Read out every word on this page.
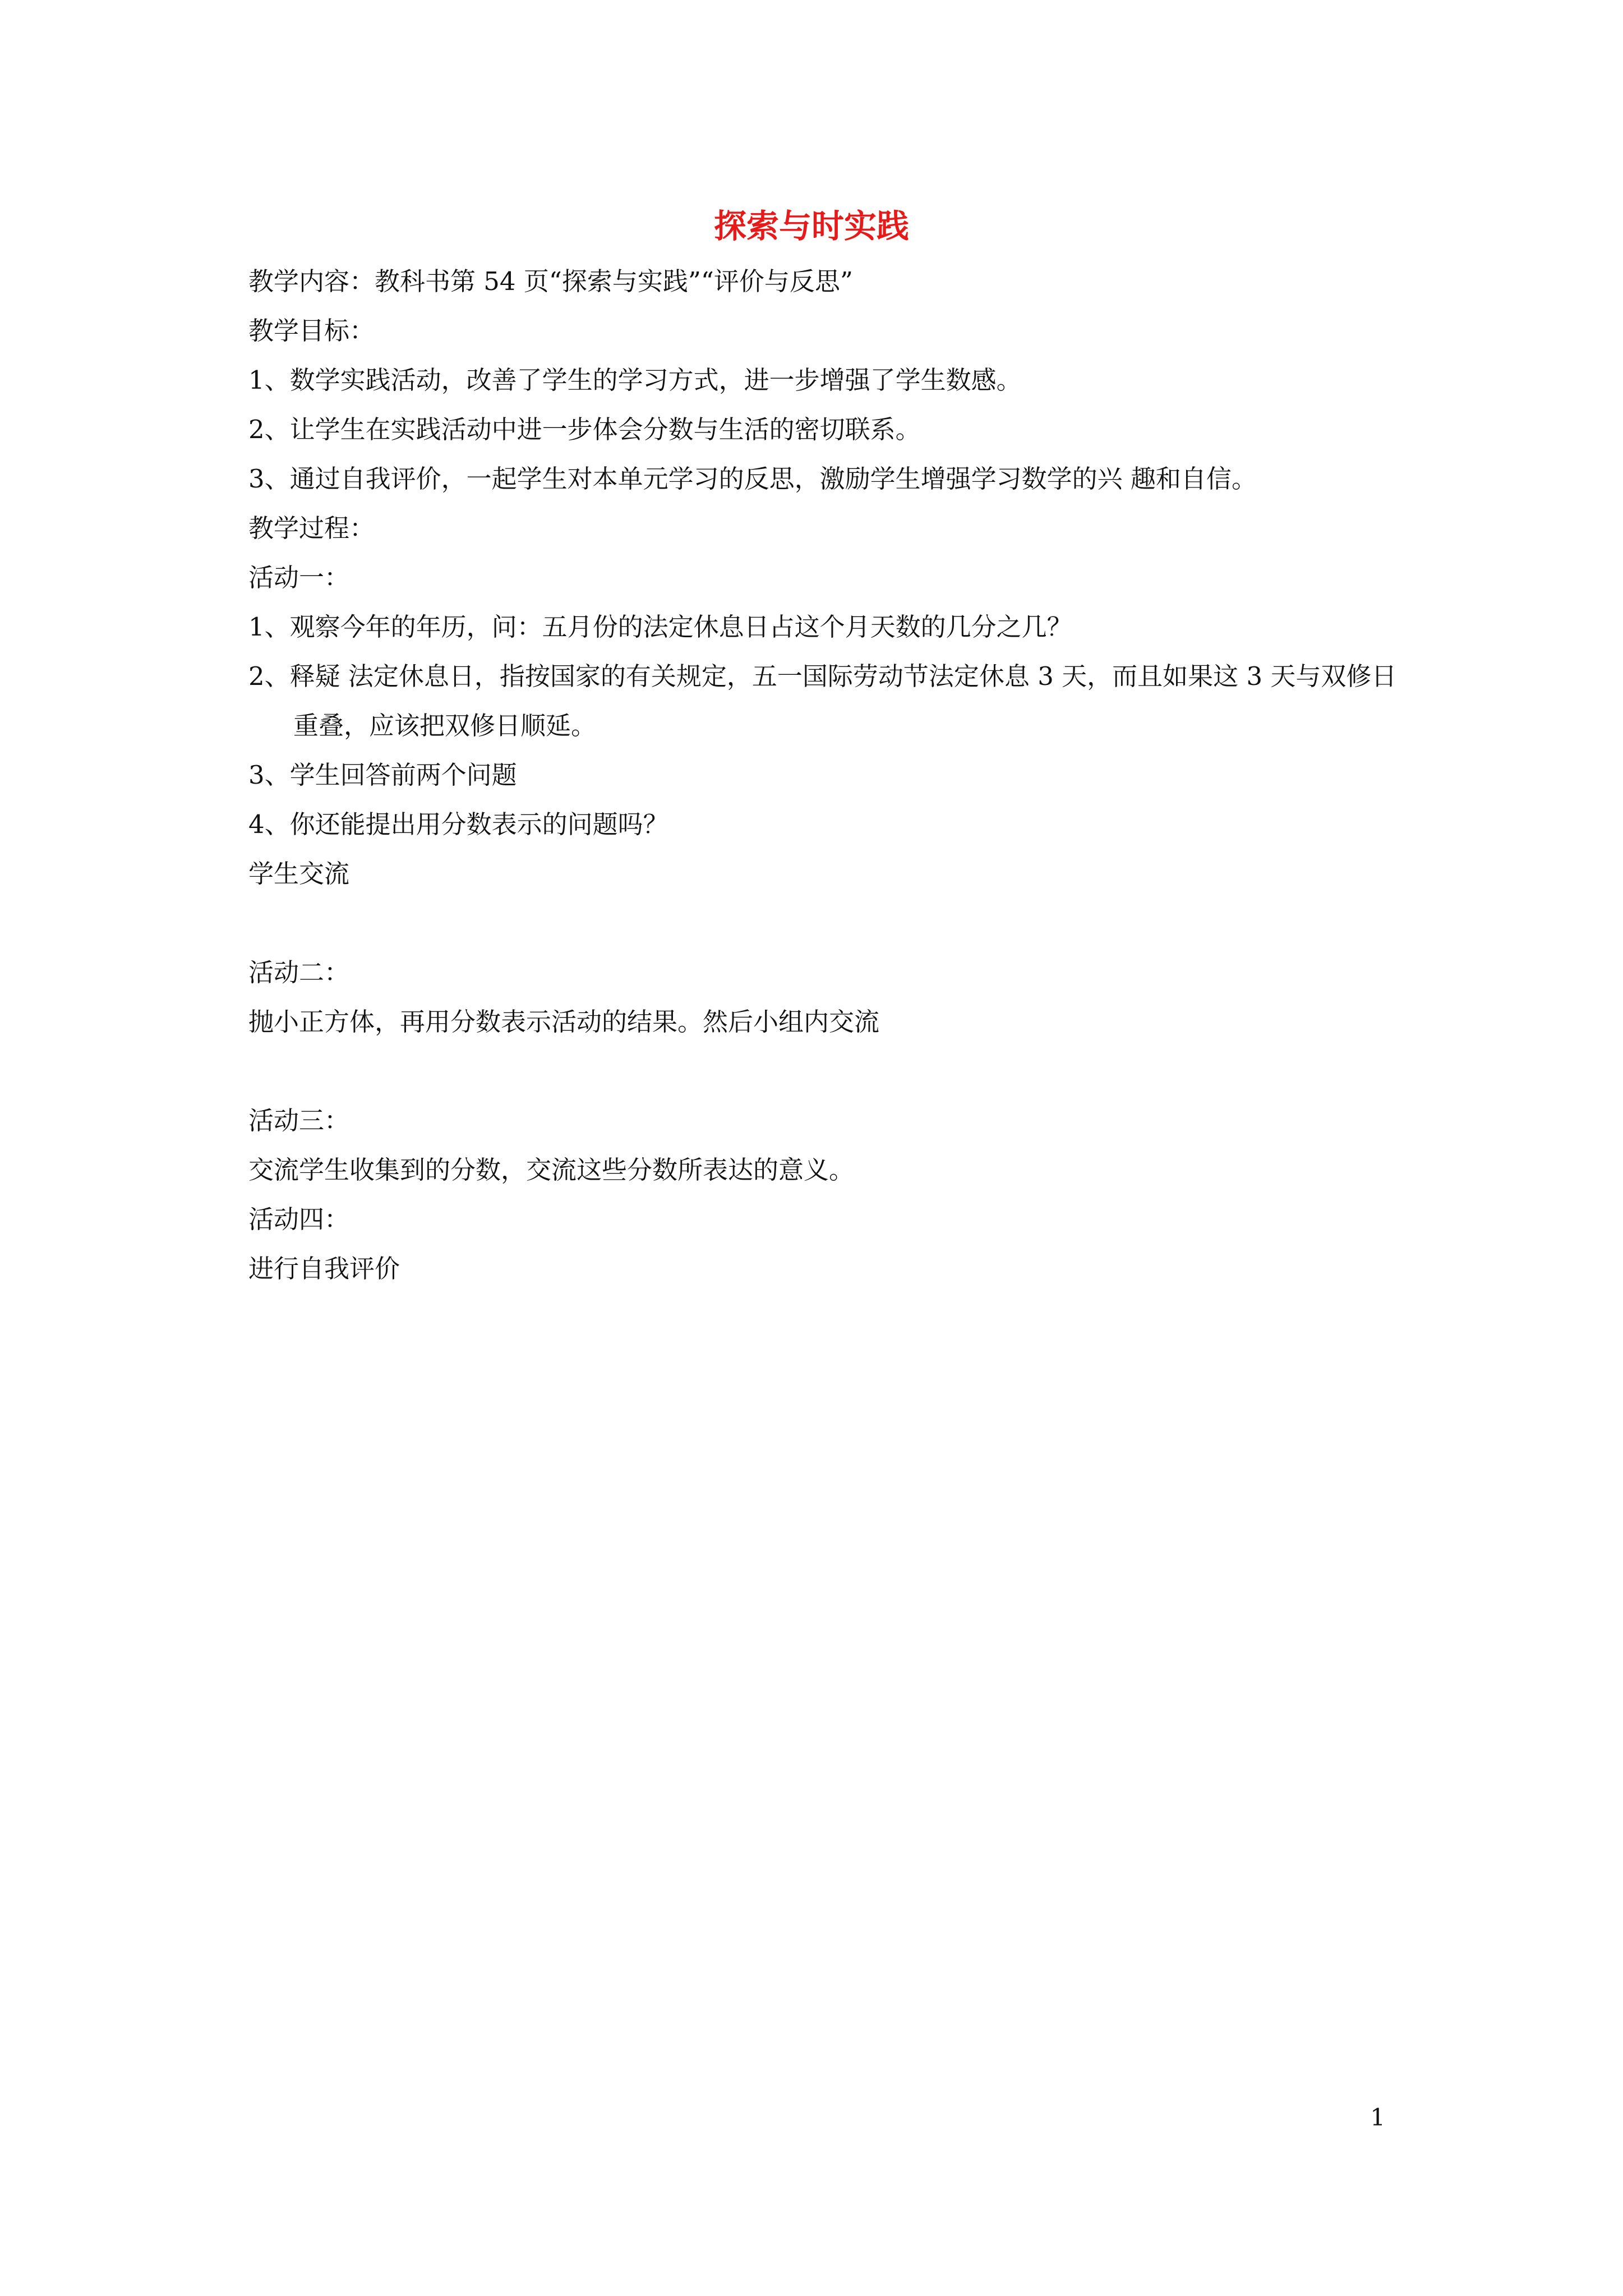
探索与时实践
教学内容：教科书第 54 页“探索与实践”“评价与反思”
教学目标：
1、数学实践活动，改善了学生的学习方式，进一步增强了学生数感。
2、让学生在实践活动中进一步体会分数与生活的密切联系。
3、通过自我评价，一起学生对本单元学习的反思，激励学生增强学习数学的兴 趣和自信。
教学过程：
活动一：
1、观察今年的年历，问：五月份的法定休息日占这个月天数的几分之几？
2、释疑 法定休息日，指按国家的有关规定，五一国际劳动节法定休息 3 天，而且如果这 3 天与双修日重叠，应该把双修日顺延。
3、学生回答前两个问题
4、你还能提出用分数表示的问题吗？
学生交流
活动二：
抛小正方体，再用分数表示活动的结果。然后小组内交流
活动三：
交流学生收集到的分数，交流这些分数所表达的意义。
活动四：
进行自我评价
1
